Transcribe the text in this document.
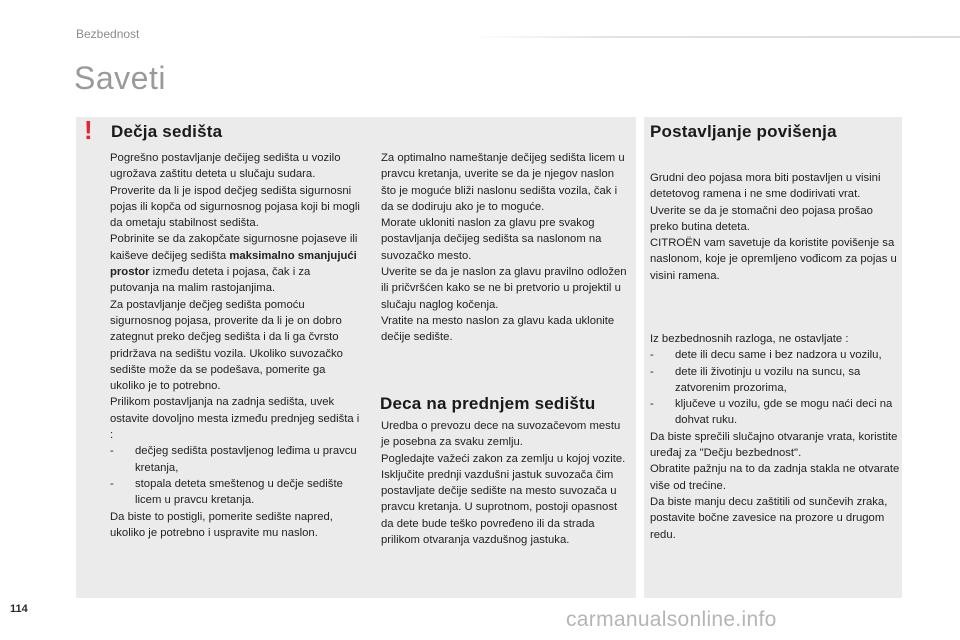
Bezbednost
Saveti
! Dečja sedišta

Pogrešno postavljanje dečijeg sedišta u vozilo ugrožava zaštitu deteta u slučaju sudara.

Proverite da li je ispod dečjeg sedišta sigurnosni pojas ili kopča od sigurnosnog pojasa koji bi mogli da ometaju stabilnost sedišta.

Pobrinite se da zakopčate sigurnosne pojaseve ili kaiševe dečijeg sedišta maksimalno smanjujući prostor između deteta i pojasa, čak i za putovanja na malim rastojanjima.

Za postavljanje dečjeg sedišta pomoću sigurnosnog pojasa, proverite da li je on dobro zategnut preko dečjeg sedišta i da li ga čvrsto pridržava na sedištu vozila. Ukoliko suvozačko sedište može da se podešava, pomerite ga ukoliko je to potrebno.

Prilikom postavljanja na zadnja sedišta, uvek ostavite dovoljno mesta između prednjeg sedišta i :

- dečjeg sedišta postavljenog leđima u pravcu kretanja,
- stopala deteta smeštenog u dečje sedište licem u pravcu kretanja.

Da biste to postigli, pomerite sedište napred, ukoliko je potrebno i uspravite mu naslon.

Za optimalno nameštanje dečijeg sedišta licem u pravcu kretanja, uverite se da je njegov naslon što je moguće bliži naslonu sedišta vozila, čak i da se dodiruju ako je to moguće.

Morate ukloniti naslon za glavu pre svakog postavljanja dečijeg sedišta sa naslonom na suvozačko mesto.

Uverite se da je naslon za glavu pravilno odložen ili pričvršćen kako se ne bi pretvorio u projektil u slučaju naglog kočenja.

Vratite na mesto naslon za glavu kada uklonite dečije sedište.

Deca na prednjem sedištu

Uredba o prevozu dece na suvozačevom mestu je posebna za svaku zemlju.

Pogledajte važeći zakon za zemlju u kojoj vozite.

Isključite prednji vazdušni jastuk suvozača čim postavljate dečije sedište na mesto suvozača u pravcu kretanja. U suprotnom, postoji opasnost da dete bude teško povređeno ili da strada prilikom otvaranja vazdušnog jastuka.

Postavljanje povišenja

Grudni deo pojasa mora biti postavljen u visini detetovog ramena i ne sme dodirivati vrat.

Uverite se da je stomačni deo pojasa prošao preko butina deteta.

CITROËN vam savetuje da koristite povišenje sa naslonom, koje je opremljeno vođicom za pojas u visini ramena.

Iz bezbednosnih razloga, ne ostavljate :

- dete ili decu same i bez nadzora u vozilu,
- dete ili životinju u vozilu na suncu, sa zatvorenim prozorima,
- ključeve u vozilu, gde se mogu naći deci na dohvat ruku.

Da biste sprečili slučajno otvaranje vrata, koristite uređaj za "Dečju bezbednost".

Obratite pažnju na to da zadnja stakla ne otvarate više od trećine.

Da biste manju decu zaštitili od sunčevih zraka, postavite bočne zavesice na prozore u drugom redu.

114	carmanualsonline.info
